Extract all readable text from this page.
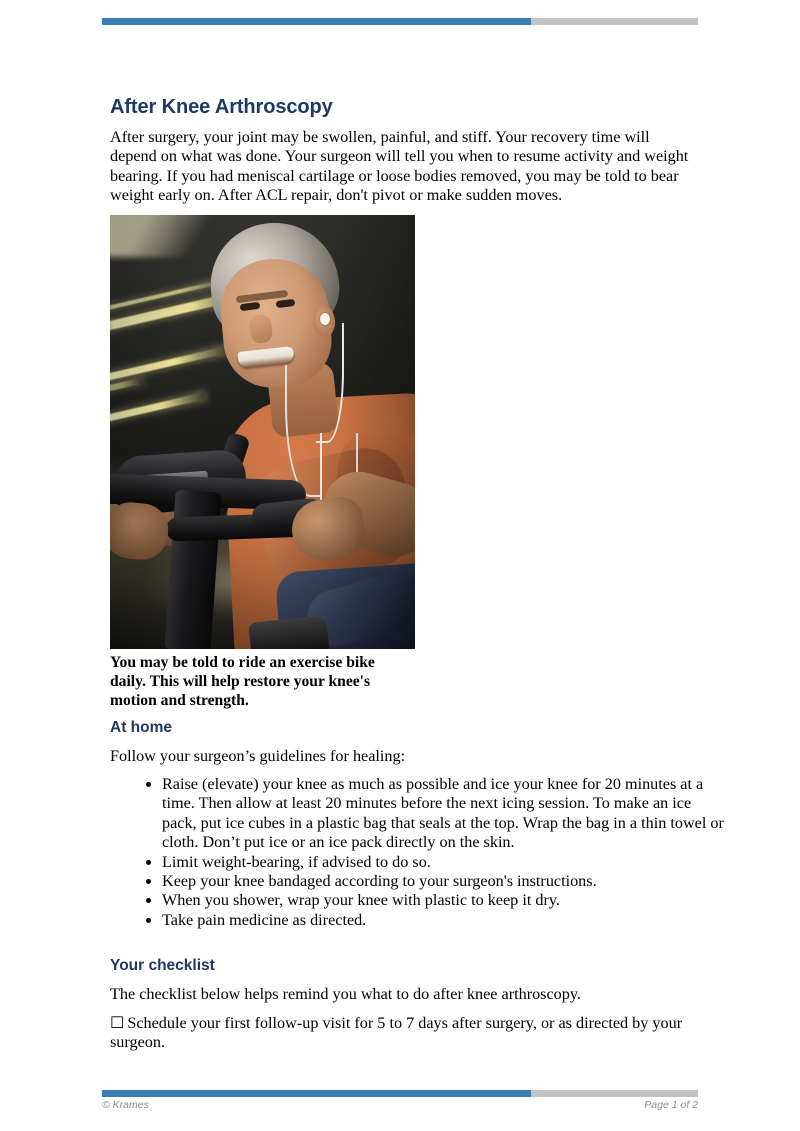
After Knee Arthroscopy

After surgery, your joint may be swollen, painful, and stiff. Your recovery time will depend on what was done. Your surgeon will tell you when to resume activity and weight bearing. If you had meniscal cartilage or loose bodies removed, you may be told to bear weight early on. After ACL repair, don't pivot or make sudden moves.

You may be told to ride an exercise bike daily. This will help restore your knee's motion and strength.

At home

Follow your surgeon’s guidelines for healing:

• Raise (elevate) your knee as much as possible and ice your knee for 20 minutes at a time. Then allow at least 20 minutes before the next icing session. To make an ice pack, put ice cubes in a plastic bag that seals at the top. Wrap the bag in a thin towel or cloth. Don’t put ice or an ice pack directly on the skin.
• Limit weight-bearing, if advised to do so.
• Keep your knee bandaged according to your surgeon's instructions.
• When you shower, wrap your knee with plastic to keep it dry.
• Take pain medicine as directed.
Your checklist

The checklist below helps remind you what to do after knee arthroscopy.

☐ Schedule your first follow-up visit for 5 to 7 days after surgery, or as directed by your surgeon.

© Krames	Page 1 of 2
